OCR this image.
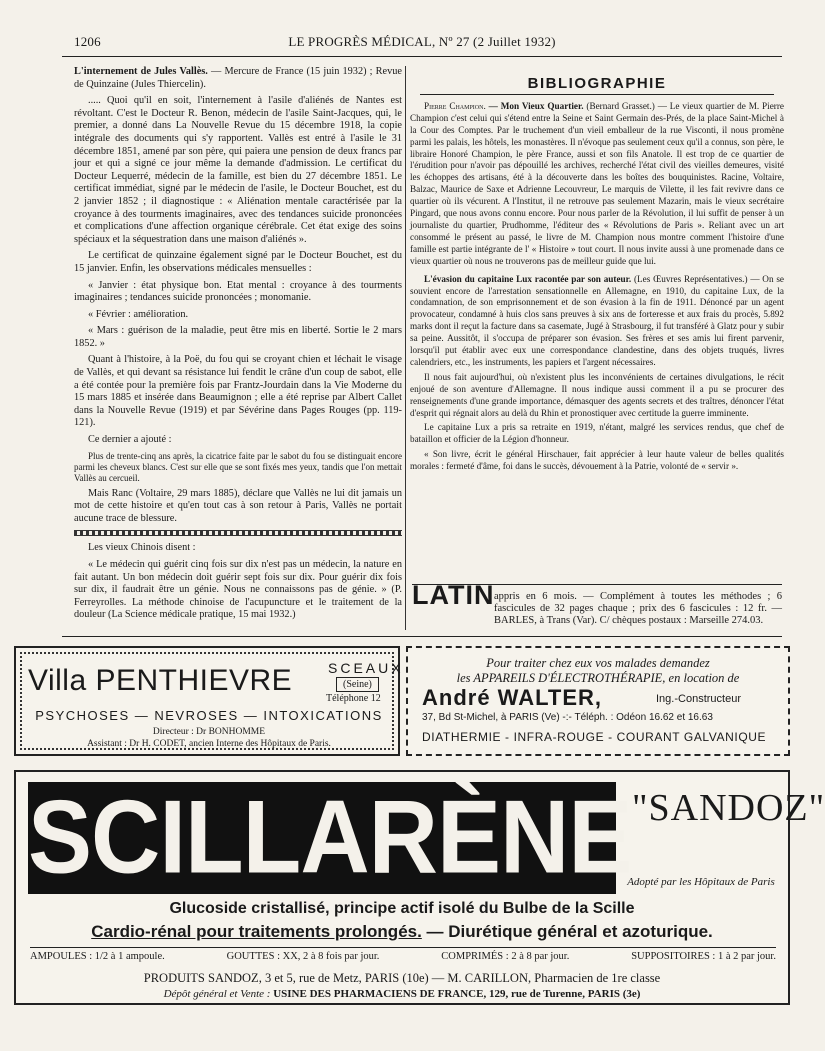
1206	LE PROGRÈS MÉDICAL, Nº 27 (2 Juillet 1932)

L'internement de Jules Vallès. — Mercure de France (15 juin 1932) ; Revue de Quinzaine (Jules Thiercelin).

..... Quoi qu'il en soit, l'internement à l'asile d'aliénés de Nantes est révoltant. C'est le Docteur R. Benon, médecin de l'asile Saint-Jacques, qui, le premier, a donné dans La Nouvelle Revue du 15 décembre 1918, la copie intégrale des documents qui s'y rapportent. Vallès est entré à l'asile le 31 décembre 1851, amené par son père, qui paiera une pension de deux francs par jour et qui a signé ce jour même la demande d'admission. Le certificat du Docteur Lequerré, médecin de la famille, est bien du 27 décembre 1851. Le certificat immédiat, signé par le médecin de l'asile, le Docteur Bouchet, est du 2 janvier 1852 ; il diagnostique : « Aliénation mentale caractérisée par la croyance à des tourments imaginaires, avec des tendances suicide prononcées et complications d'une affection organique cérébrale. Cet état exige des soins spéciaux et la séquestration dans une maison d'aliénés ».

Le certificat de quinzaine également signé par le Docteur Bouchet, est du 15 janvier. Enfin, les observations médicales mensuelles :

« Janvier : état physique bon. Etat mental : croyance à des tourments imaginaires ; tendances suicide prononcées ; monomanie.

« Février : amélioration.

« Mars : guérison de la maladie, peut être mis en liberté. Sortie le 2 mars 1852. »

Quant à l'histoire, à la Poë, du fou qui se croyant chien et léchait le visage de Vallès, et qui devant sa résistance lui fendit le crâne d'un coup de sabot, elle a été contée pour la première fois par Frantz-Jourdain dans la Vie Moderne du 15 mars 1885 et insérée dans Beaumignon ; elle a été reprise par Albert Callet dans la Nouvelle Revue (1919) et par Sévérine dans Pages Rouges (pp. 119-121).

Ce dernier a ajouté :

Plus de trente-cinq ans après, la cicatrice faite par le sabot du fou se distinguait encore parmi les cheveux blancs. C'est sur elle que se sont fixés mes yeux, tandis que l'on mettait Vallès au cercueil.

Mais Ranc (Voltaire, 29 mars 1885), déclare que Vallès ne lui dit jamais un mot de cette histoire et qu'en tout cas à son retour à Paris, Vallès ne portait aucune trace de blessure.

Les vieux Chinois disent :

« Le médecin qui guérit cinq fois sur dix n'est pas un médecin, la nature en fait autant. Un bon médecin doit guérir sept fois sur dix. Pour guérir dix fois sur dix, il faudrait être un génie. Nous ne connaissons pas de génie. » (P. Ferreyrolles. La méthode chinoise de l'acupuncture et le traitement de la douleur (La Science médicale pratique, 15 mai 1932.)

BIBLIOGRAPHIE

Pierre Champion. — Mon Vieux Quartier. (Bernard Grasset.) — Le vieux quartier de M. Pierre Champion c'est celui qui s'étend entre la Seine et Saint Germain des-Prés, de la place Saint-Michel à la Cour des Comptes. Par le truchement d'un vieil emballeur de la rue Visconti, il nous promène parmi les palais, les hôtels, les monastères. Il n'évoque pas seulement ceux qu'il a connus, son père, le libraire Honoré Champion, le père France, aussi et son fils Anatole. Il est trop de ce quartier de l'érudition pour n'avoir pas dépouillé les archives, recherché l'état civil des vieilles demeures, visité les échoppes des artisans, été à la découverte dans les boîtes des bouquinistes. Racine, Voltaire, Balzac, Maurice de Saxe et Adrienne Lecouvreur, Le marquis de Vilette, il les fait revivre dans ce quartier où ils vécurent. A l'Institut, il ne retrouve pas seulement Mazarin, mais le vieux secrétaire Pingard, que nous avons connu encore. Pour nous parler de la Révolution, il lui suffit de penser à un journaliste du quartier, Prudhomme, l'éditeur des « Révolutions de Paris ». Reliant avec un art consommé le présent au passé, le livre de M. Champion nous montre comment l'histoire d'une famille est partie intégrante de l' « Histoire » tout court. Il nous invite aussi à une promenade dans ce vieux quartier où nous ne trouverons pas de meilleur guide que lui.

L'évasion du capitaine Lux racontée par son auteur. (Les Œuvres Représentatives.) — On se souvient encore de l'arrestation sensationnelle en Allemagne, en 1910, du capitaine Lux, de la condamnation, de son emprisonnement et de son évasion à la fin de 1911. Dénoncé par un agent provocateur, condamné à huis clos sans preuves à six ans de forteresse et aux frais du procès, 5.892 marks dont il reçut la facture dans sa casemate, Jugé à Strasbourg, il fut transféré à Glatz pour y subir sa peine. Aussitôt, il s'occupa de préparer son évasion. Ses frères et ses amis lui firent parvenir, lorsqu'il put établir avec eux une correspondance clandestine, dans des objets truqués, livres calendriers, etc., les instruments, les papiers et l'argent nécessaires.

Il nous fait aujourd'hui, où n'existent plus les inconvénients de certaines divulgations, le récit enjoué de son aventure d'Allemagne. Il nous indique aussi comment il a pu se procurer des renseignements d'une grande importance, démasquer des agents secrets et des traîtres, dénoncer l'état d'esprit qui régnait alors au delà du Rhin et pronostiquer avec certitude la guerre imminente.

Le capitaine Lux a pris sa retraite en 1919, n'étant, malgré les services rendus, que chef de bataillon et officier de la Légion d'honneur.

« Son livre, écrit le général Hirschauer, fait apprécier à leur haute valeur de belles qualités morales : fermeté d'âme, foi dans le succès, dévouement à la Patrie, volonté de « servir ».

LATIN appris en 6 mois. — Complément à toutes les méthodes ; 6 fascicules de 32 pages chaque ; prix des 6 fascicules : 12 fr. — BARLES, à Trans (Var). C/ chèques postaux : Marseille 274.03.
Villa PENTHIEVRE	SCEAUX
(Seine)
Téléphone 12
PSYCHOSES — NEVROSES — INTOXICATIONS
Directeur : Dr BONHOMME
Assistant : Dr H. CODET, ancien Interne des Hôpitaux de Paris.
Pour traiter chez eux vos malades demandez
les APPAREILS D'ÉLECTROTHÉRAPIE, en location de
André WALTER,	Ing.-Constructeur
37, Bd St-Michel, à PARIS (Ve) -:- Téléph. : Odéon 16.62 et 16.63
DIATHERMIE - INFRA-ROUGE - COURANT GALVANIQUE
SCILLARÈNE "SANDOZ"
Adopté par les Hôpitaux de Paris
Glucoside cristallisé, principe actif isolé du Bulbe de la Scille
Cardio-rénal pour traitements prolongés. — Diurétique général et azoturique.
AMPOULES : 1/2 à 1 ampoule.	GOUTTES : XX, 2 à 8 fois par jour.	COMPRIMÉS : 2 à 8 par jour.	SUPPOSITOIRES : 1 à 2 par jour.
PRODUITS SANDOZ, 3 et 5, rue de Metz, PARIS (10e) — M. CARILLON, Pharmacien de 1re classe
Dépôt général et Vente : USINE DES PHARMACIENS DE FRANCE, 129, rue de Turenne, PARIS (3e)
